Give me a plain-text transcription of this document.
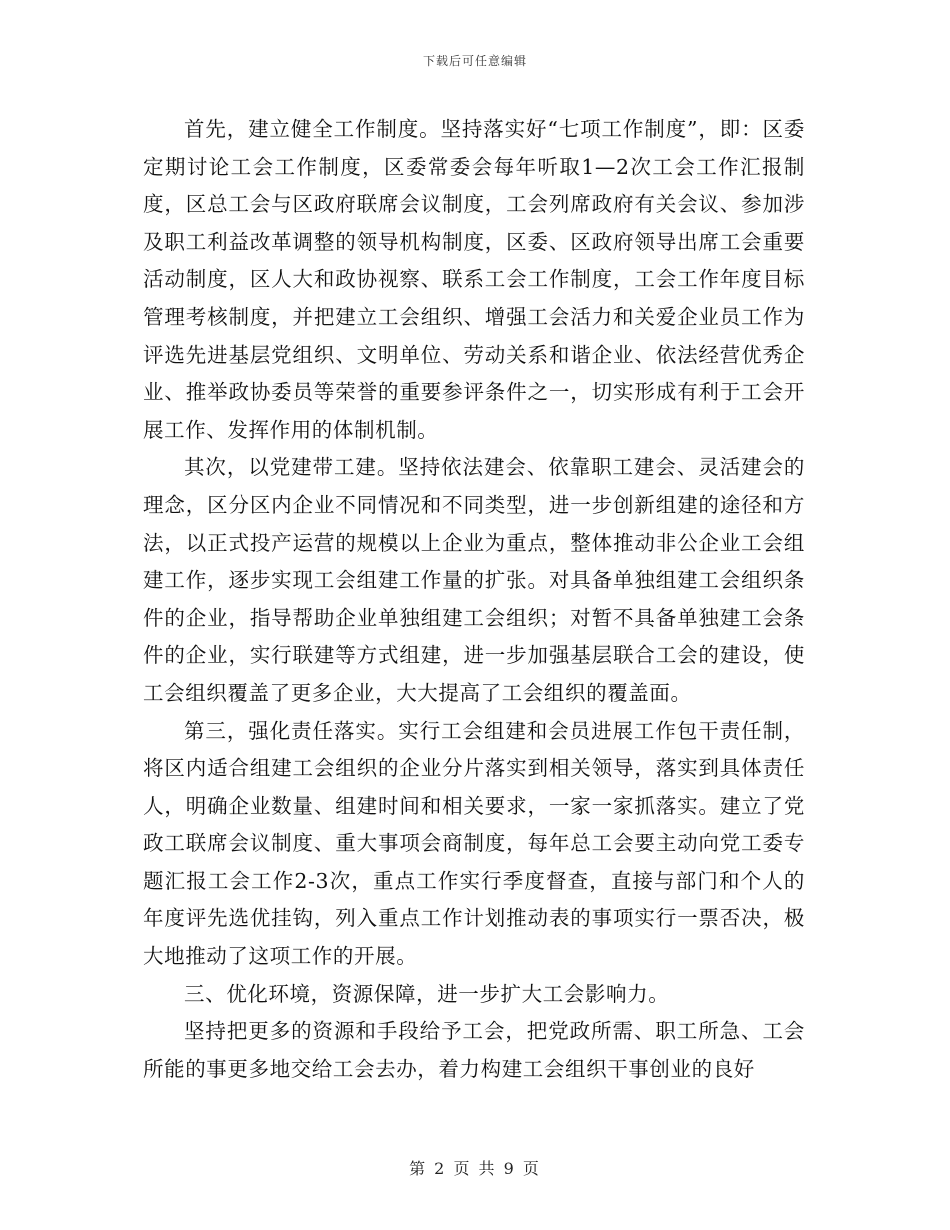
下载后可任意编辑

首先，建立健全工作制度。坚持落实好“七项工作制度”，即：区委定期讨论工会工作制度，区委常委会每年听取1—2次工会工作汇报制度，区总工会与区政府联席会议制度，工会列席政府有关会议、参加涉及职工利益改革调整的领导机构制度，区委、区政府领导出席工会重要活动制度，区人大和政协视察、联系工会工作制度，工会工作年度目标管理考核制度，并把建立工会组织、增强工会活力和关爱企业员工作为评选先进基层党组织、文明单位、劳动关系和谐企业、依法经营优秀企业、推举政协委员等荣誉的重要参评条件之一，切实形成有利于工会开展工作、发挥作用的体制机制。

其次，以党建带工建。坚持依法建会、依靠职工建会、灵活建会的理念，区分区内企业不同情况和不同类型，进一步创新组建的途径和方法，以正式投产运营的规模以上企业为重点，整体推动非公企业工会组建工作，逐步实现工会组建工作量的扩张。对具备单独组建工会组织条件的企业，指导帮助企业单独组建工会组织；对暂不具备单独建工会条件的企业，实行联建等方式组建，进一步加强基层联合工会的建设，使工会组织覆盖了更多企业，大大提高了工会组织的覆盖面。

第三，强化责任落实。实行工会组建和会员进展工作包干责任制，将区内适合组建工会组织的企业分片落实到相关领导，落实到具体责任人，明确企业数量、组建时间和相关要求，一家一家抓落实。建立了党政工联席会议制度、重大事项会商制度，每年总工会要主动向党工委专题汇报工会工作2-3次，重点工作实行季度督查，直接与部门和个人的年度评先选优挂钩，列入重点工作计划推动表的事项实行一票否决，极大地推动了这项工作的开展。

三、优化环境，资源保障，进一步扩大工会影响力。

坚持把更多的资源和手段给予工会，把党政所需、职工所急、工会所能的事更多地交给工会去办，着力构建工会组织干事创业的良好

第 2 页 共 9 页
